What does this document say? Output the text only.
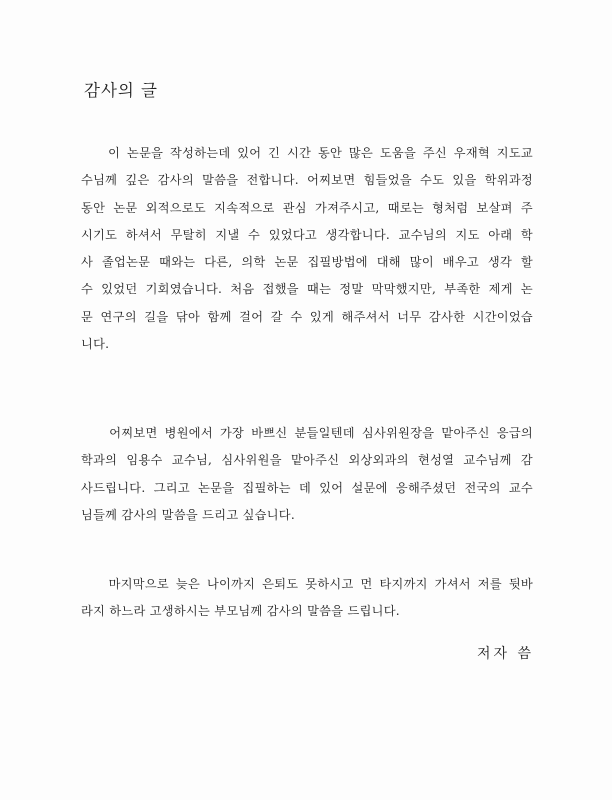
감사의 글
이 논문을 작성하는데 있어 긴 시간 동안 많은 도움을 주신 우재혁 지도교
수님께 깊은 감사의 말씀을 전합니다. 어찌보면 힘들었을 수도 있을 학위과정
동안 논문 외적으로도 지속적으로 관심 가져주시고, 때로는 형처럼 보살펴 주
시기도 하셔서 무탈히 지낼 수 있었다고 생각합니다. 교수님의 지도 아래 학
사 졸업논문 때와는 다른, 의학 논문 집필방법에 대해 많이 배우고 생각 할
수 있었던 기회였습니다. 처음 접했을 때는 정말 막막했지만, 부족한 제게 논
문 연구의 길을 닦아 함께 걸어 갈 수 있게 해주셔서 너무 감사한 시간이었습
니다.
어찌보면 병원에서 가장 바쁘신 분들일텐데 심사위원장을 맡아주신 응급의
학과의 임용수 교수님, 심사위원을 맡아주신 외상외과의 현성열 교수님께 감
사드립니다. 그리고 논문을 집필하는 데 있어 설문에 응해주셨던 전국의 교수
님들께 감사의 말씀을 드리고 싶습니다.
마지막으로 늦은 나이까지 은퇴도 못하시고 먼 타지까지 가셔서 저를 뒷바
라지 하느라 고생하시는 부모님께 감사의 말씀을 드립니다.

저자 씀
